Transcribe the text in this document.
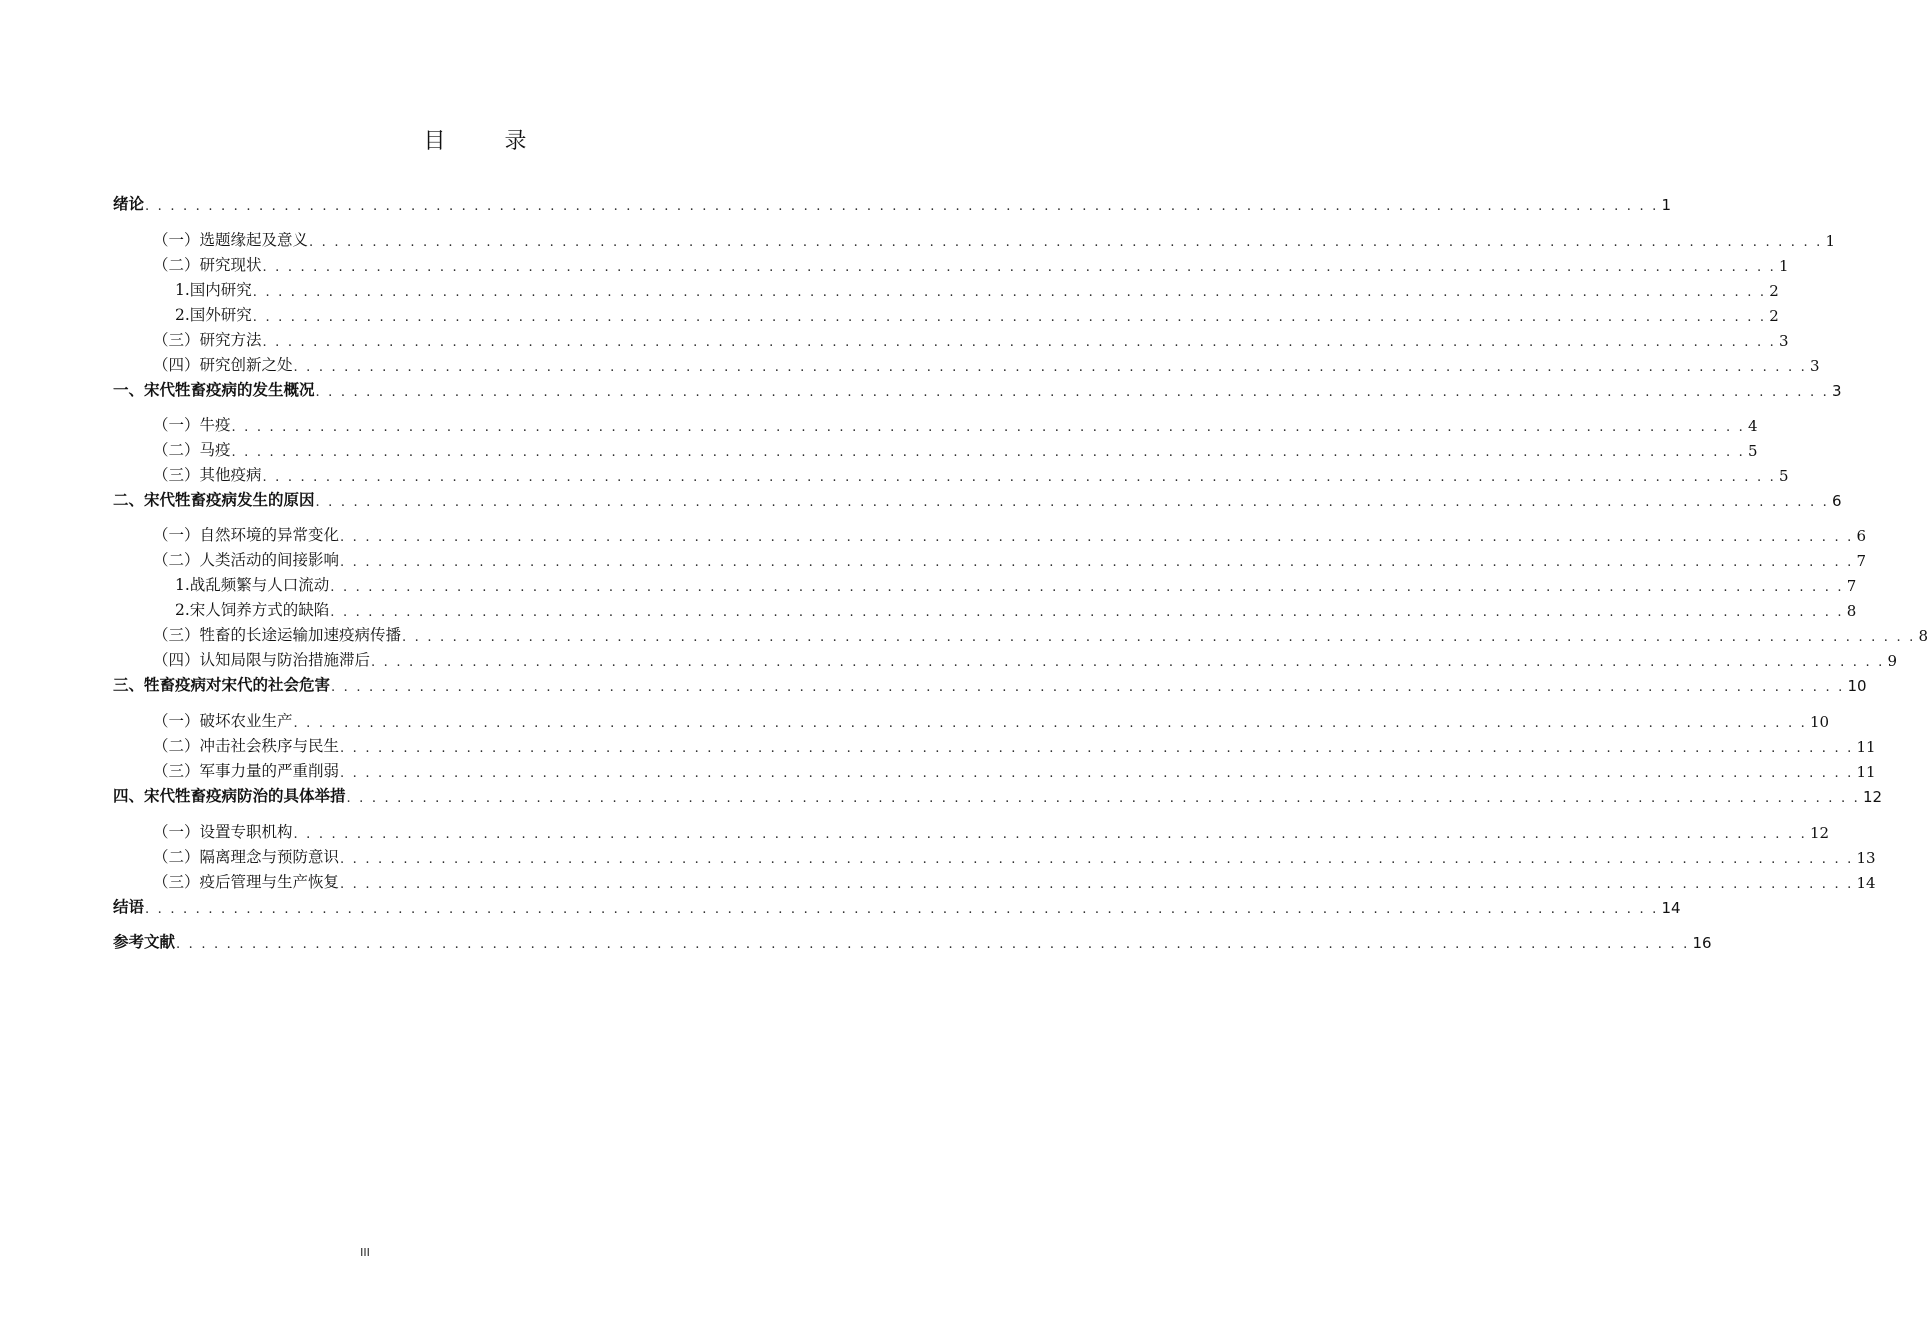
目 录
绪论 . . . . . . . . . . . . . . . . . . . . . . . . . . . . . . . . . . . . . . . . . . . . . . . . . . . . . . . . . . . . . . . . . . . . . . . . . . . . . . . . . . . . . . . . . . . . . . . . . . . . . . . . . . . . . . . . . . . . . . . . 1
（一）选题缘起及意义 . . . . . . . . . . . . . . . . . . . . . . . . . . . . . . . . . . . . . . . . . . . . . . . . . . . . . . . . . . . . . . . . . . . . . . . . . . . . . . . . . . . . . . . . . . . . . . . . . . . . . . . . . . . . . . . . . . . . . . . . 1
（二）研究现状 . . . . . . . . . . . . . . . . . . . . . . . . . . . . . . . . . . . . . . . . . . . . . . . . . . . . . . . . . . . . . . . . . . . . . . . . . . . . . . . . . . . . . . . . . . . . . . . . . . . . . . . . . . . . . . . . . . . . . . . . 1
1.国内研究 . . . . . . . . . . . . . . . . . . . . . . . . . . . . . . . . . . . . . . . . . . . . . . . . . . . . . . . . . . . . . . . . . . . . . . . . . . . . . . . . . . . . . . . . . . . . . . . . . . . . . . . . . . . . . . . . . . . . . . . . 2
2.国外研究 . . . . . . . . . . . . . . . . . . . . . . . . . . . . . . . . . . . . . . . . . . . . . . . . . . . . . . . . . . . . . . . . . . . . . . . . . . . . . . . . . . . . . . . . . . . . . . . . . . . . . . . . . . . . . . . . . . . . . . . . 2
（三）研究方法 . . . . . . . . . . . . . . . . . . . . . . . . . . . . . . . . . . . . . . . . . . . . . . . . . . . . . . . . . . . . . . . . . . . . . . . . . . . . . . . . . . . . . . . . . . . . . . . . . . . . . . . . . . . . . . . . . . . . . . . . 3
（四）研究创新之处 . . . . . . . . . . . . . . . . . . . . . . . . . . . . . . . . . . . . . . . . . . . . . . . . . . . . . . . . . . . . . . . . . . . . . . . . . . . . . . . . . . . . . . . . . . . . . . . . . . . . . . . . . . . . . . . . . . . . . . . . 3
一、宋代牲畜疫病的发生概况 . . . . . . . . . . . . . . . . . . . . . . . . . . . . . . . . . . . . . . . . . . . . . . . . . . . . . . . . . . . . . . . . . . . . . . . . . . . . . . . . . . . . . . . . . . . . . . . . . . . . . . . . . . . . . . . . . . . . . . . . 3
（一）牛疫 . . . . . . . . . . . . . . . . . . . . . . . . . . . . . . . . . . . . . . . . . . . . . . . . . . . . . . . . . . . . . . . . . . . . . . . . . . . . . . . . . . . . . . . . . . . . . . . . . . . . . . . . . . . . . . . . . . . . . . . . 4
（二）马疫 . . . . . . . . . . . . . . . . . . . . . . . . . . . . . . . . . . . . . . . . . . . . . . . . . . . . . . . . . . . . . . . . . . . . . . . . . . . . . . . . . . . . . . . . . . . . . . . . . . . . . . . . . . . . . . . . . . . . . . . . 5
（三）其他疫病 . . . . . . . . . . . . . . . . . . . . . . . . . . . . . . . . . . . . . . . . . . . . . . . . . . . . . . . . . . . . . . . . . . . . . . . . . . . . . . . . . . . . . . . . . . . . . . . . . . . . . . . . . . . . . . . . . . . . . . . . 5
二、宋代牲畜疫病发生的原因 . . . . . . . . . . . . . . . . . . . . . . . . . . . . . . . . . . . . . . . . . . . . . . . . . . . . . . . . . . . . . . . . . . . . . . . . . . . . . . . . . . . . . . . . . . . . . . . . . . . . . . . . . . . . . . . . . . . . . . . . 6
（一）自然环境的异常变化 . . . . . . . . . . . . . . . . . . . . . . . . . . . . . . . . . . . . . . . . . . . . . . . . . . . . . . . . . . . . . . . . . . . . . . . . . . . . . . . . . . . . . . . . . . . . . . . . . . . . . . . . . . . . . . . . . . . . . . . . 6
（二）人类活动的间接影响 . . . . . . . . . . . . . . . . . . . . . . . . . . . . . . . . . . . . . . . . . . . . . . . . . . . . . . . . . . . . . . . . . . . . . . . . . . . . . . . . . . . . . . . . . . . . . . . . . . . . . . . . . . . . . . . . . . . . . . . . 7
1.战乱频繁与人口流动 . . . . . . . . . . . . . . . . . . . . . . . . . . . . . . . . . . . . . . . . . . . . . . . . . . . . . . . . . . . . . . . . . . . . . . . . . . . . . . . . . . . . . . . . . . . . . . . . . . . . . . . . . . . . . . . . . . . . . . . . 7
2.宋人饲养方式的缺陷 . . . . . . . . . . . . . . . . . . . . . . . . . . . . . . . . . . . . . . . . . . . . . . . . . . . . . . . . . . . . . . . . . . . . . . . . . . . . . . . . . . . . . . . . . . . . . . . . . . . . . . . . . . . . . . . . . . . . . . . . 8
（三）牲畜的长途运输加速疫病传播 . . . . . . . . . . . . . . . . . . . . . . . . . . . . . . . . . . . . . . . . . . . . . . . . . . . . . . . . . . . . . . . . . . . . . . . . . . . . . . . . . . . . . . . . . . . . . . . . . . . . . . . . . . . . . . . . . . . . . . . . 8
（四）认知局限与防治措施滞后 . . . . . . . . . . . . . . . . . . . . . . . . . . . . . . . . . . . . . . . . . . . . . . . . . . . . . . . . . . . . . . . . . . . . . . . . . . . . . . . . . . . . . . . . . . . . . . . . . . . . . . . . . . . . . . . . . . . . . . . . 9
三、牲畜疫病对宋代的社会危害 . . . . . . . . . . . . . . . . . . . . . . . . . . . . . . . . . . . . . . . . . . . . . . . . . . . . . . . . . . . . . . . . . . . . . . . . . . . . . . . . . . . . . . . . . . . . . . . . . . . . . . . . . . . . . . . . . . . . . . . . 10
（一）破坏农业生产 . . . . . . . . . . . . . . . . . . . . . . . . . . . . . . . . . . . . . . . . . . . . . . . . . . . . . . . . . . . . . . . . . . . . . . . . . . . . . . . . . . . . . . . . . . . . . . . . . . . . . . . . . . . . . . . . . . . . . . . . 10
（二）冲击社会秩序与民生 . . . . . . . . . . . . . . . . . . . . . . . . . . . . . . . . . . . . . . . . . . . . . . . . . . . . . . . . . . . . . . . . . . . . . . . . . . . . . . . . . . . . . . . . . . . . . . . . . . . . . . . . . . . . . . . . . . . . . . . . 11
（三）军事力量的严重削弱 . . . . . . . . . . . . . . . . . . . . . . . . . . . . . . . . . . . . . . . . . . . . . . . . . . . . . . . . . . . . . . . . . . . . . . . . . . . . . . . . . . . . . . . . . . . . . . . . . . . . . . . . . . . . . . . . . . . . . . . . 11
四、宋代牲畜疫病防治的具体举措 . . . . . . . . . . . . . . . . . . . . . . . . . . . . . . . . . . . . . . . . . . . . . . . . . . . . . . . . . . . . . . . . . . . . . . . . . . . . . . . . . . . . . . . . . . . . . . . . . . . . . . . . . . . . . . . . . . . . . . . . 12
（一）设置专职机构 . . . . . . . . . . . . . . . . . . . . . . . . . . . . . . . . . . . . . . . . . . . . . . . . . . . . . . . . . . . . . . . . . . . . . . . . . . . . . . . . . . . . . . . . . . . . . . . . . . . . . . . . . . . . . . . . . . . . . . . . 12
（二）隔离理念与预防意识 . . . . . . . . . . . . . . . . . . . . . . . . . . . . . . . . . . . . . . . . . . . . . . . . . . . . . . . . . . . . . . . . . . . . . . . . . . . . . . . . . . . . . . . . . . . . . . . . . . . . . . . . . . . . . . . . . . . . . . . . 13
（三）疫后管理与生产恢复 . . . . . . . . . . . . . . . . . . . . . . . . . . . . . . . . . . . . . . . . . . . . . . . . . . . . . . . . . . . . . . . . . . . . . . . . . . . . . . . . . . . . . . . . . . . . . . . . . . . . . . . . . . . . . . . . . . . . . . . . 14
结语 . . . . . . . . . . . . . . . . . . . . . . . . . . . . . . . . . . . . . . . . . . . . . . . . . . . . . . . . . . . . . . . . . . . . . . . . . . . . . . . . . . . . . . . . . . . . . . . . . . . . . . . . . . . . . . . . . . . . . . . . 14
参考文献 . . . . . . . . . . . . . . . . . . . . . . . . . . . . . . . . . . . . . . . . . . . . . . . . . . . . . . . . . . . . . . . . . . . . . . . . . . . . . . . . . . . . . . . . . . . . . . . . . . . . . . . . . . . . . . . . . . . . . . . . 16
III
